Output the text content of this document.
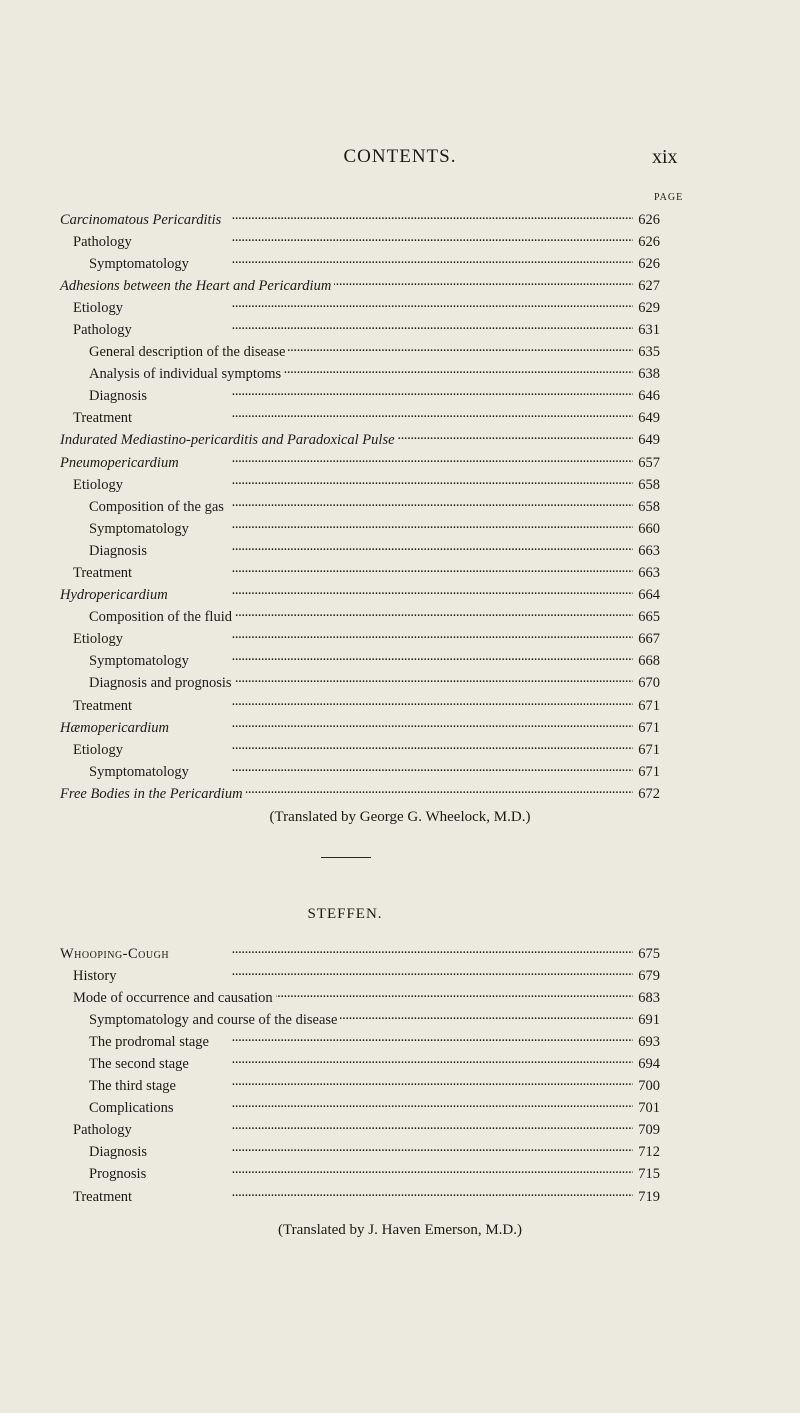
CONTENTS.	xix
PAGE
Carcinomatous Pericarditis . . .	626
Pathology . . .	626
Symptomatology . . .	626
Adhesions between the Heart and Pericardium . . .	627
Etiology . . .	629
Pathology . . .	631
General description of the disease . . .	635
Analysis of individual symptoms . . .	638
Diagnosis . . .	646
Treatment . . .	649
Indurated Mediastino-pericarditis and Paradoxical Pulse . . .	649
Pneumopericardium . . .	657
Etiology . . .	658
Composition of the gas . . .	658
Symptomatology . . .	660
Diagnosis . . .	663
Treatment . . .	663
Hydropericardium . . .	664
Composition of the fluid . . .	665
Etiology . . .	667
Symptomatology . . .	668
Diagnosis and prognosis . . .	670
Treatment . . .	671
Hæmopericardium . . .	671
Etiology . . .	671
Symptomatology . . .	671
Free Bodies in the Pericardium . . .	672
(Translated by George G. Wheelock, M.D.)
STEFFEN.
Whooping-Cough . . .	675
History . . .	679
Mode of occurrence and causation . . .	683
Symptomatology and course of the disease . . .	691
The prodromal stage . . .	693
The second stage . . .	694
The third stage . . .	700
Complications . . .	701
Pathology . . .	709
Diagnosis . . .	712
Prognosis . . .	715
Treatment . . .	719
(Translated by J. Haven Emerson, M.D.)
